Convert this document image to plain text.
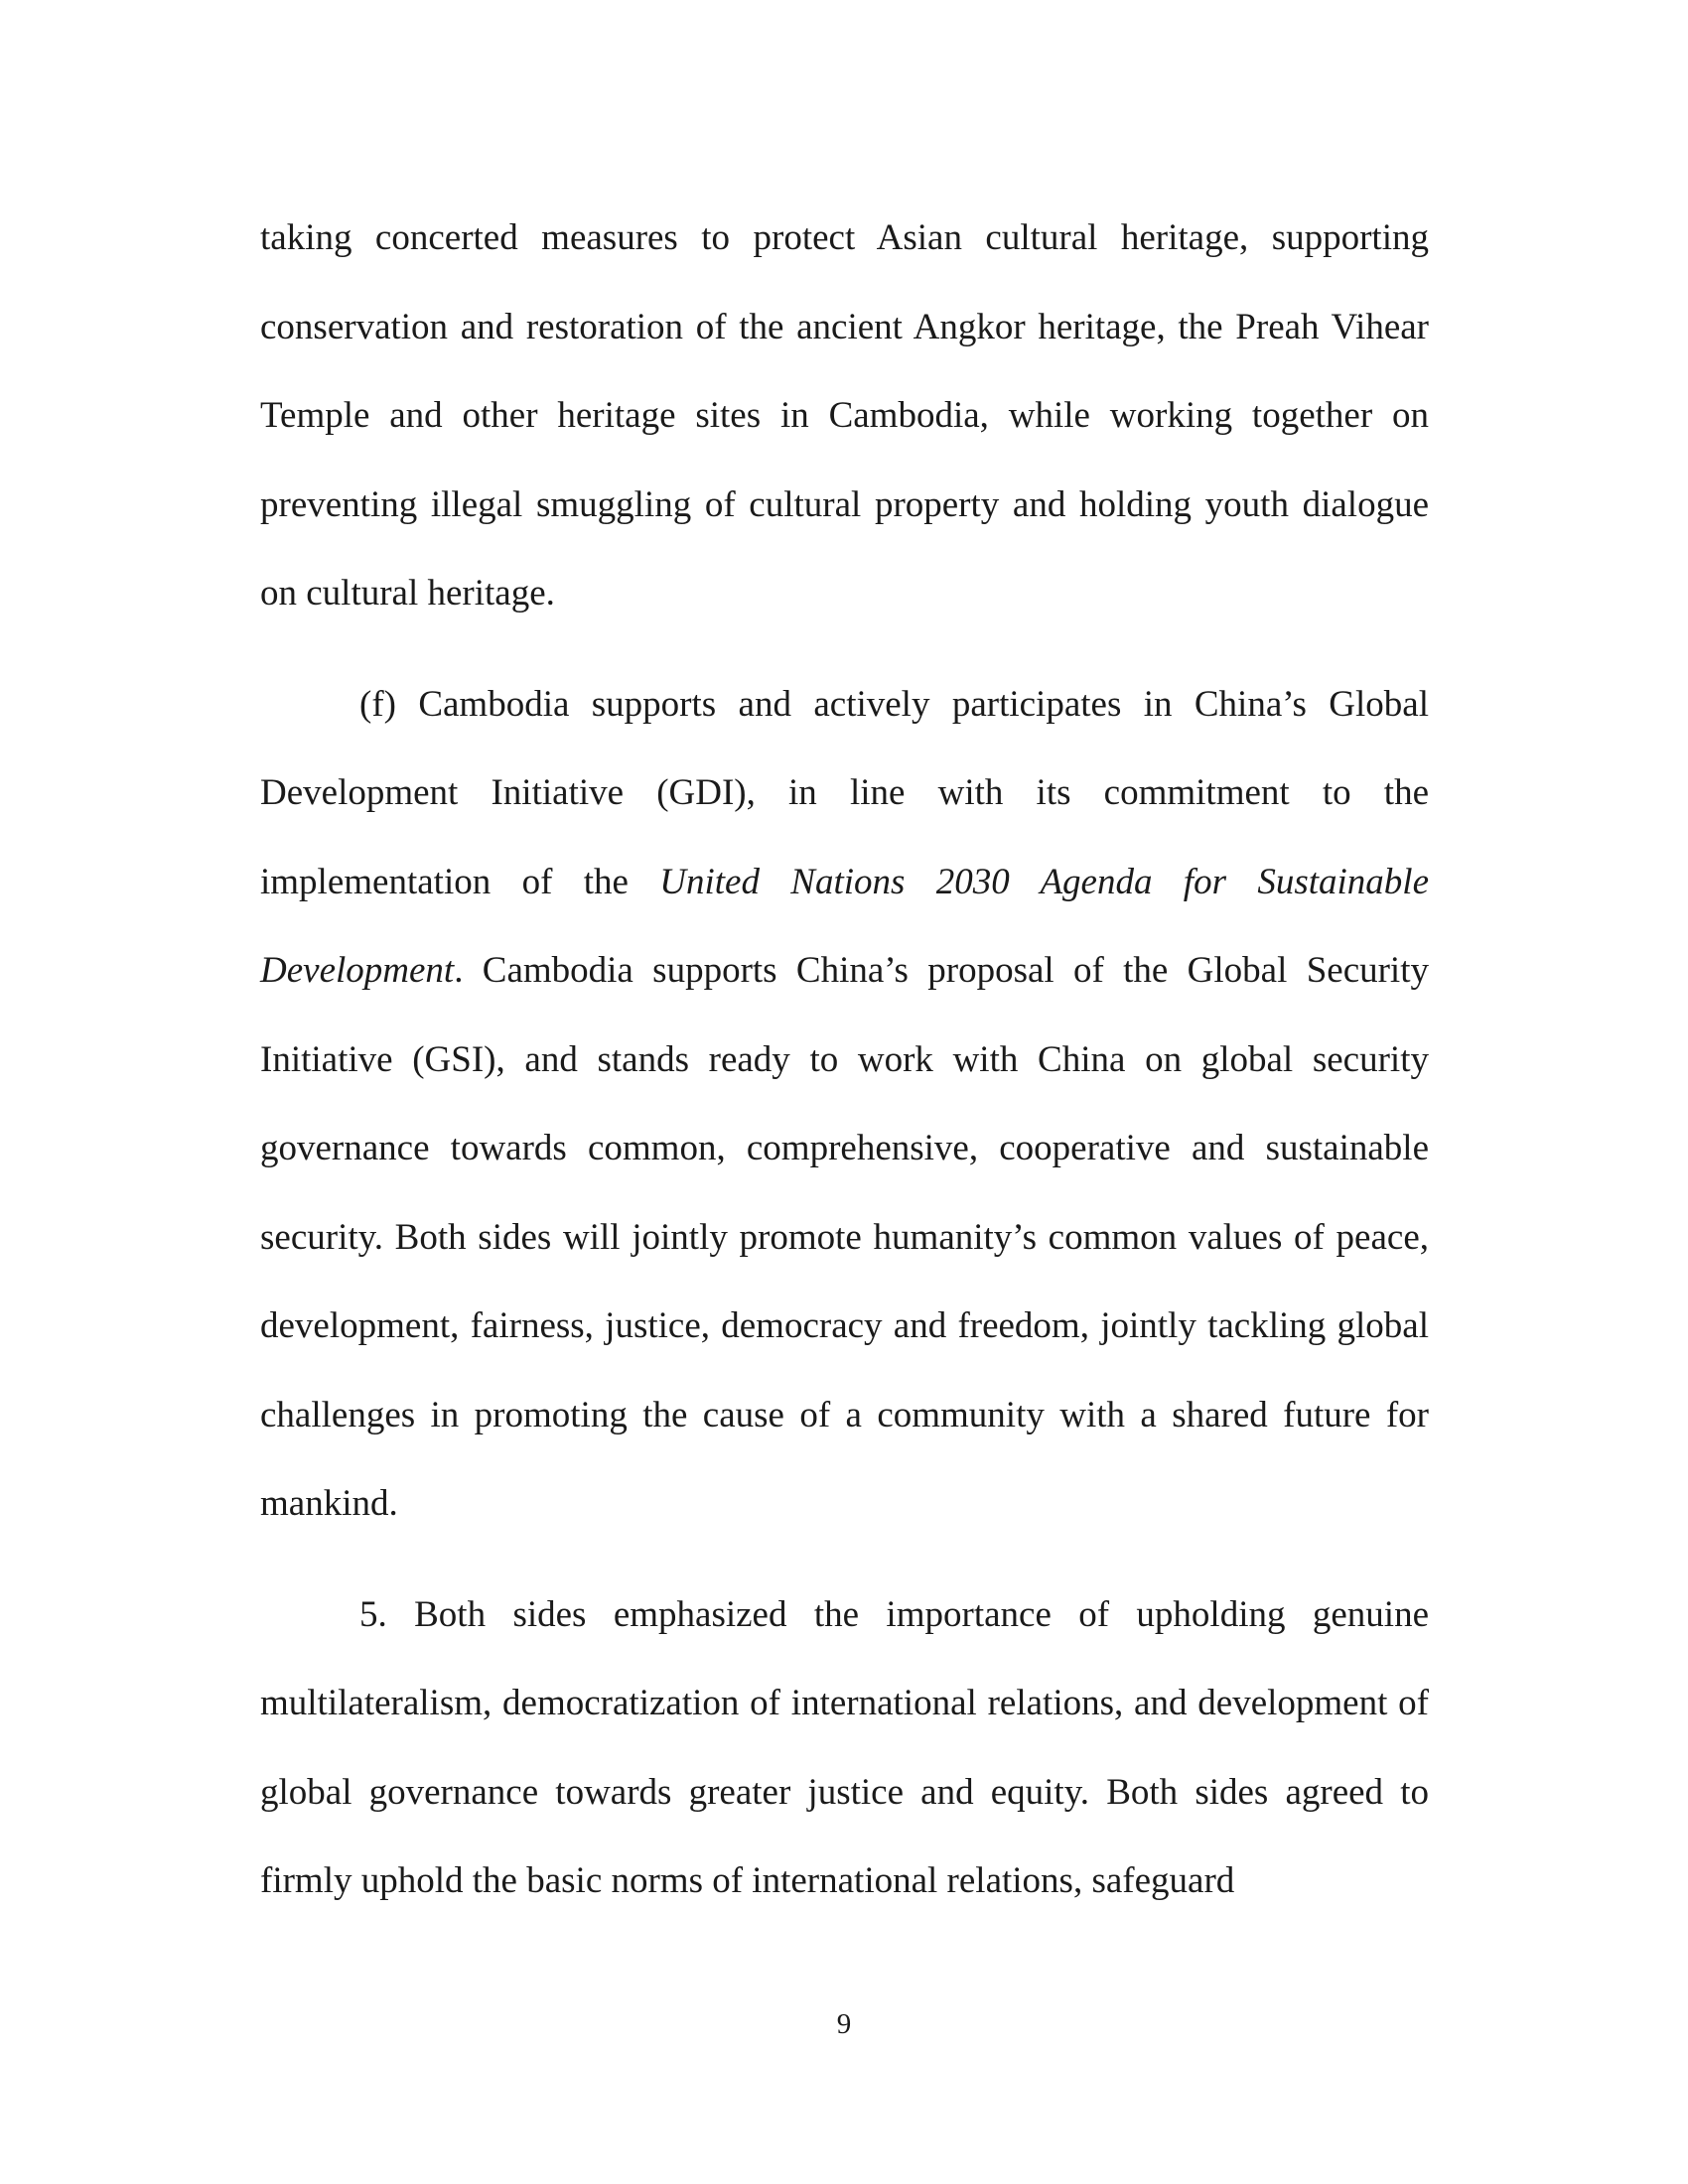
taking concerted measures to protect Asian cultural heritage, supporting conservation and restoration of the ancient Angkor heritage, the Preah Vihear Temple and other heritage sites in Cambodia, while working together on preventing illegal smuggling of cultural property and holding youth dialogue on cultural heritage.

(f) Cambodia supports and actively participates in China’s Global Development Initiative (GDI), in line with its commitment to the implementation of the United Nations 2030 Agenda for Sustainable Development. Cambodia supports China’s proposal of the Global Security Initiative (GSI), and stands ready to work with China on global security governance towards common, comprehensive, cooperative and sustainable security. Both sides will jointly promote humanity’s common values of peace, development, fairness, justice, democracy and freedom, jointly tackling global challenges in promoting the cause of a community with a shared future for mankind.

5. Both sides emphasized the importance of upholding genuine multilateralism, democratization of international relations, and development of global governance towards greater justice and equity. Both sides agreed to firmly uphold the basic norms of international relations, safeguard

9
